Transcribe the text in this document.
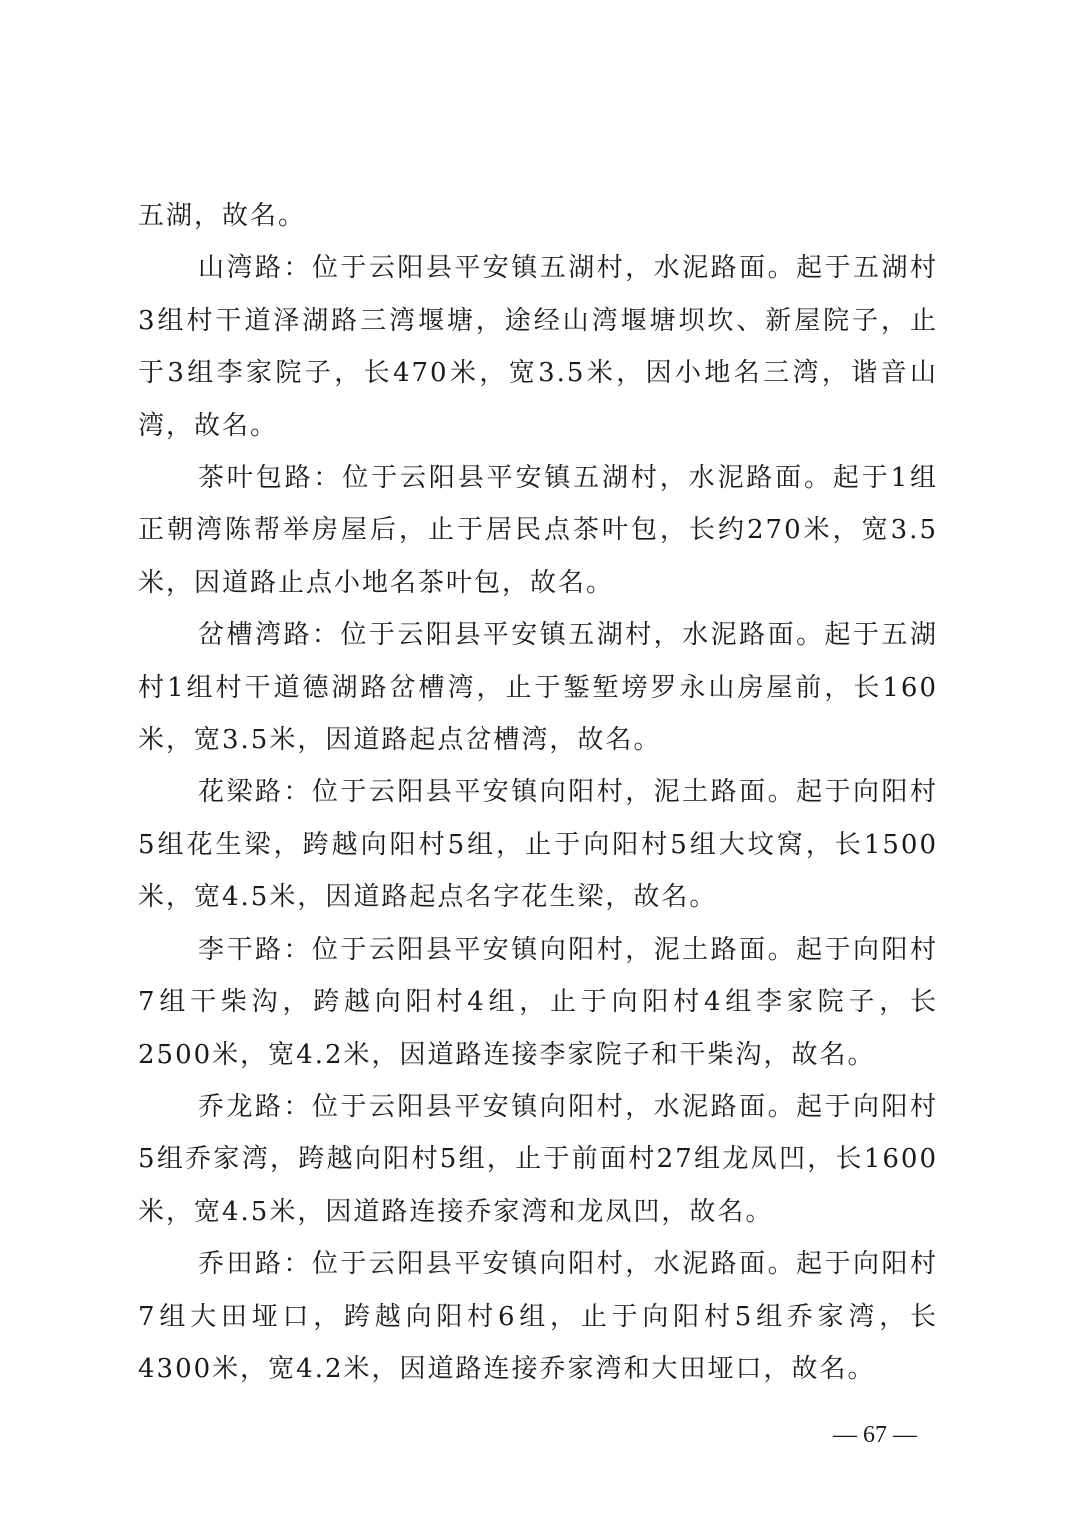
五湖，故名。

山湾路：位于云阳县平安镇五湖村，水泥路面。起于五湖村3组村干道泽湖路三湾堰塘，途经山湾堰塘坝坎、新屋院子，止于3组李家院子，长470米，宽3.5米，因小地名三湾，谐音山湾，故名。

茶叶包路：位于云阳县平安镇五湖村，水泥路面。起于1组正朝湾陈帮举房屋后，止于居民点茶叶包，长约270米，宽3.5米，因道路止点小地名茶叶包，故名。

岔槽湾路：位于云阳县平安镇五湖村，水泥路面。起于五湖村1组村干道德湖路岔槽湾，止于錾堑塝罗永山房屋前，长160米，宽3.5米，因道路起点岔槽湾，故名。

花梁路：位于云阳县平安镇向阳村，泥土路面。起于向阳村5组花生梁，跨越向阳村5组，止于向阳村5组大坟窝，长1500米，宽4.5米，因道路起点名字花生梁，故名。

李干路：位于云阳县平安镇向阳村，泥土路面。起于向阳村7组干柴沟，跨越向阳村4组，止于向阳村4组李家院子，长2500米，宽4.2米，因道路连接李家院子和干柴沟，故名。

乔龙路：位于云阳县平安镇向阳村，水泥路面。起于向阳村5组乔家湾，跨越向阳村5组，止于前面村27组龙凤凹，长1600米，宽4.5米，因道路连接乔家湾和龙凤凹，故名。

乔田路：位于云阳县平安镇向阳村，水泥路面。起于向阳村7组大田垭口，跨越向阳村6组，止于向阳村5组乔家湾，长4300米，宽4.2米，因道路连接乔家湾和大田垭口，故名。

— 67 —
